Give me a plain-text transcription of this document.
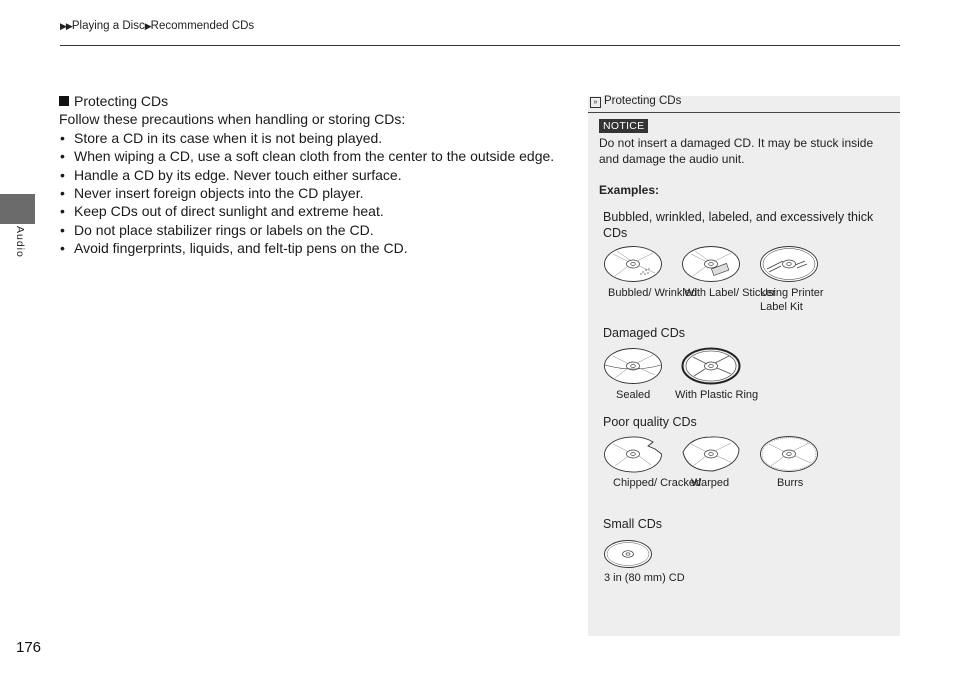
▶▶Playing a Disc▶Recommended CDs
Audio
176
Protecting CDs

Follow these precautions when handling or storing CDs:

• Store a CD in its case when it is not being played.
• When wiping a CD, use a soft clean cloth from the center to the outside edge.
• Handle a CD by its edge. Never touch either surface.
• Never insert foreign objects into the CD player.
• Keep CDs out of direct sunlight and extreme heat.
• Do not place stabilizer rings or labels on the CD.
• Avoid fingerprints, liquids, and felt-tip pens on the CD.
» Protecting CDs
NOTICE
Do not insert a damaged CD. It may be stuck inside and damage the audio unit.
Examples:
Bubbled, wrinkled, labeled, and excessively thick CDs
Bubbled/ Wrinkled
With Label/ Sticker
Using Printer Label Kit
Damaged CDs
Sealed With Plastic Ring
Poor quality CDs
Chipped/ Cracked
Warped	Burrs
Small CDs
3 in (80 mm) CD
